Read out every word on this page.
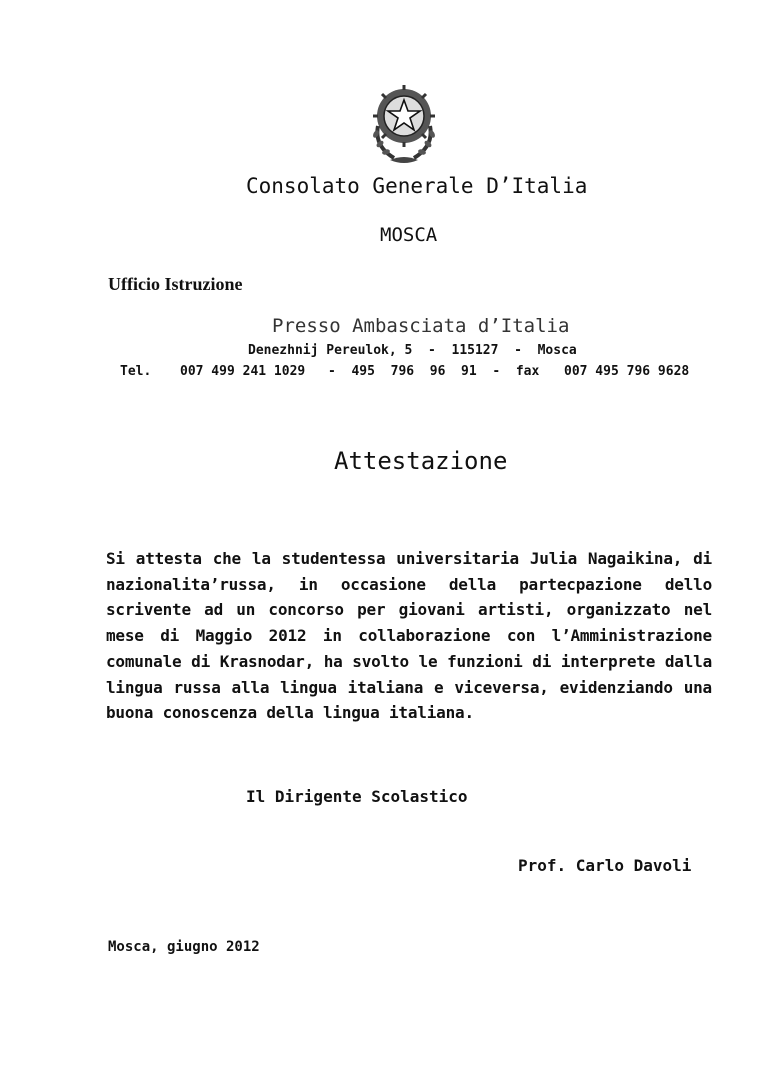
Consolato Generale D’Italia
MOSCA
Ufficio Istruzione
Presso Ambasciata d’Italia
Denezhnij Pereulok, 5  -  115127  -  Mosca

Tel.

007 499 241 1029

-  495  796  96  91  -  fax

007 495 796 9628

Attestazione
Si attesta che la studentessa universitaria Julia Nagaikina, di nazionalita’russa, in occasione della partecpazione dello scrivente ad un concorso per giovani artisti, organizzato nel mese di Maggio 2012 in collaborazione con l’Amministrazione comunale di Krasnodar, ha svolto le funzioni di interprete dalla lingua russa alla lingua italiana e viceversa, evidenziando una buona conoscenza della lingua italiana.
Il Dirigente Scolastico
Prof. Carlo Davoli
Mosca, giugno 2012
